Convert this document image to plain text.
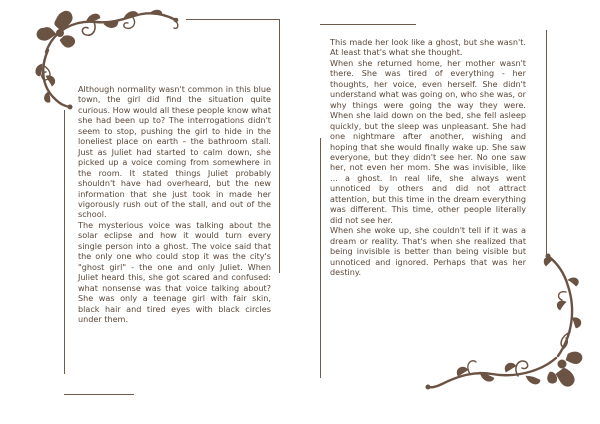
Although normality wasn't common in this blue town, the girl did find the situation quite curious. How would all these people know what she had been up to? The interrogations didn't seem to stop, pushing the girl to hide in the loneliest place on earth – the bathroom stall. Just as Juliet had started to calm down, she picked up a voice coming from somewhere in the room. It stated things Juliet probably shouldn't have had overheard, but the new information that she just took in made her vigorously rush out of the stall, and out of the school.

The mysterious voice was talking about the solar eclipse and how it would turn every single person into a ghost. The voice said that the only one who could stop it was the city's "ghost girl" - the one and only Juliet. When Juliet heard this, she got scared and confused: what nonsense was that voice talking about? She was only a teenage girl with fair skin, black hair and tired eyes with black circles under them.

This made her look like a ghost, but she wasn't. At least that's what she thought.

When she returned home, her mother wasn't there. She was tired of everything - her thoughts, her voice, even herself. She didn't understand what was going on, who she was, or why things were going the way they were. When she laid down on the bed, she fell asleep quickly, but the sleep was unpleasant. She had one nightmare after another, wishing and hoping that she would finally wake up. She saw everyone, but they didn't see her. No one saw her, not even her mom. She was invisible, like ... a ghost. In real life, she always went unnoticed by others and did not attract attention, but this time in the dream everything was different. This time, other people literally did not see her.

When she woke up, she couldn't tell if it was a dream or reality. That's when she realized that being invisible is better than being visible but unnoticed and ignored. Perhaps that was her destiny.
